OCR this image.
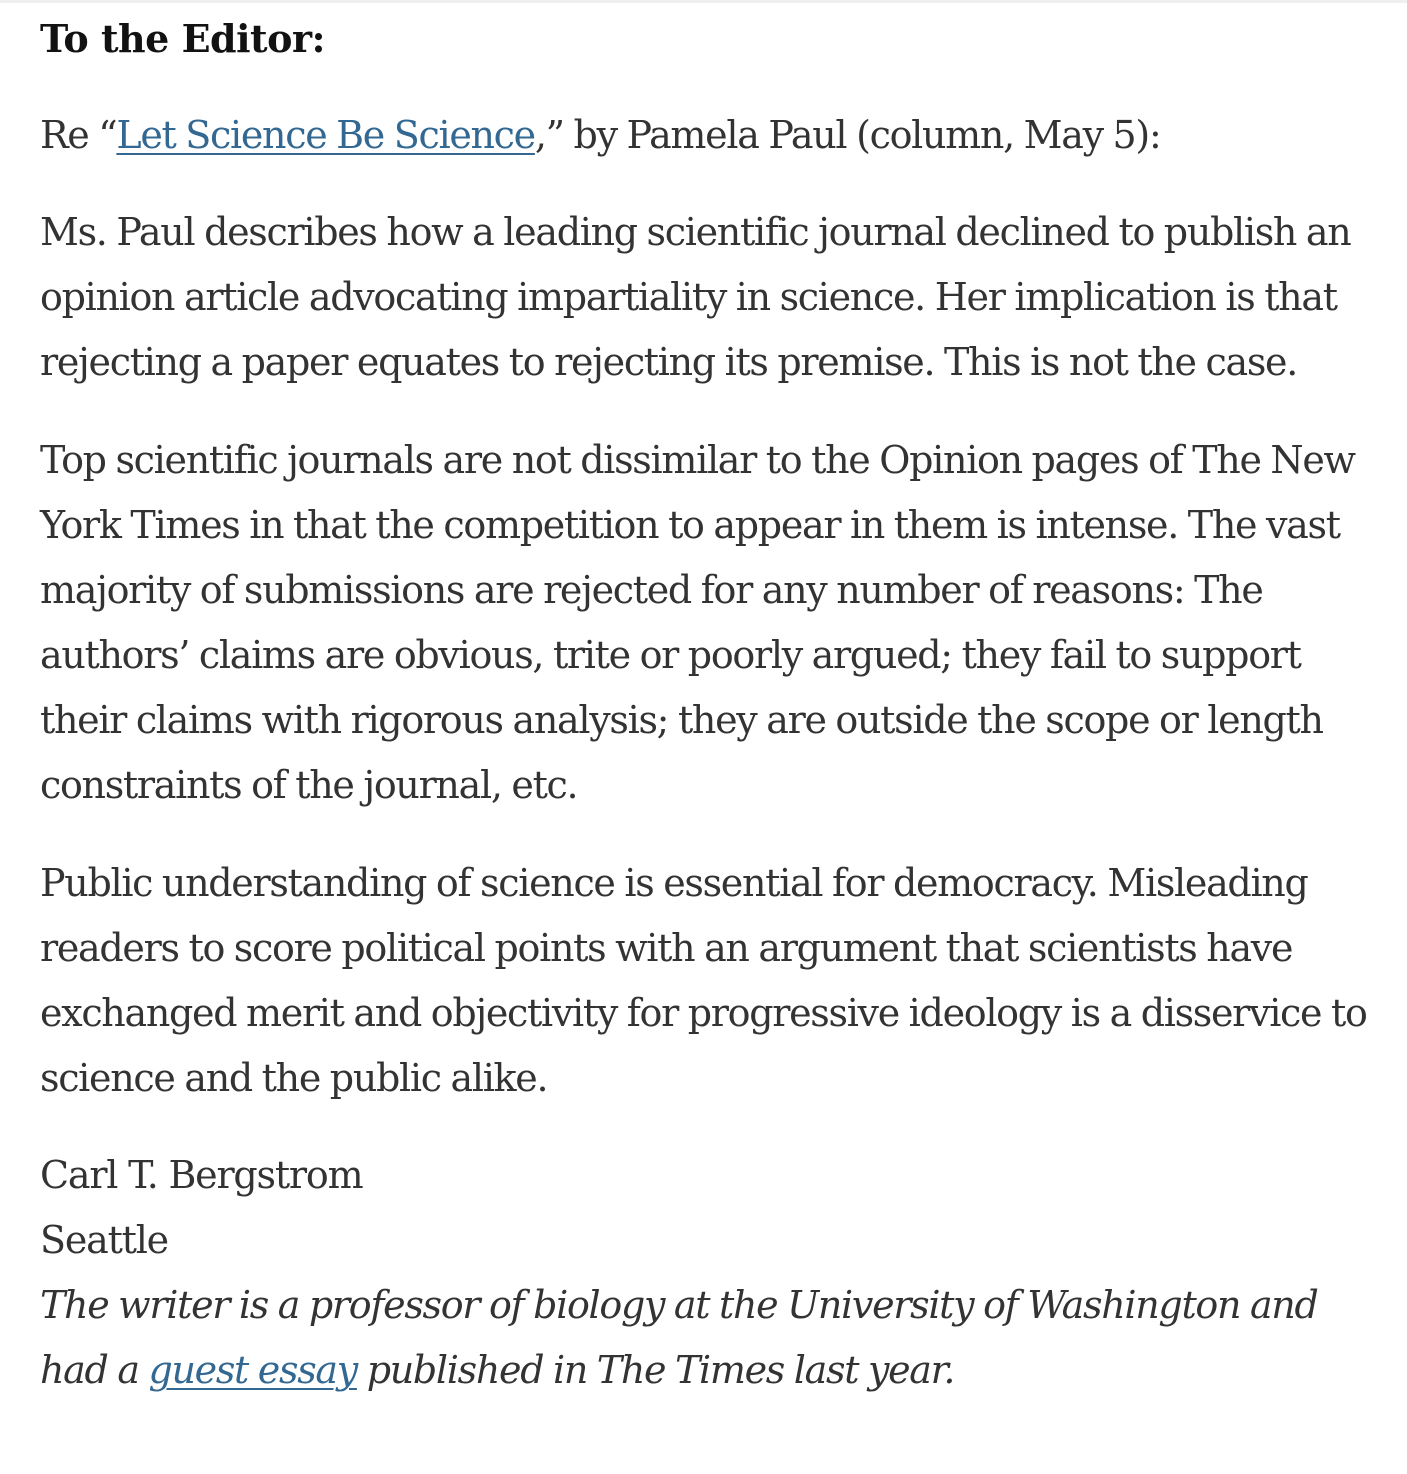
To the Editor:

Re “Let Science Be Science,” by Pamela Paul (column, May 5):

Ms. Paul describes how a leading scientific journal declined to publish an opinion article advocating impartiality in science. Her implication is that rejecting a paper equates to rejecting its premise. This is not the case.

Top scientific journals are not dissimilar to the Opinion pages of The New York Times in that the competition to appear in them is intense. The vast majority of submissions are rejected for any number of reasons: The authors’ claims are obvious, trite or poorly argued; they fail to support their claims with rigorous analysis; they are outside the scope or length constraints of the journal, etc.

Public understanding of science is essential for democracy. Misleading readers to score political points with an argument that scientists have exchanged merit and objectivity for progressive ideology is a disservice to science and the public alike.

Carl T. Bergstrom
Seattle
The writer is a professor of biology at the University of Washington and had a guest essay published in The Times last year.
